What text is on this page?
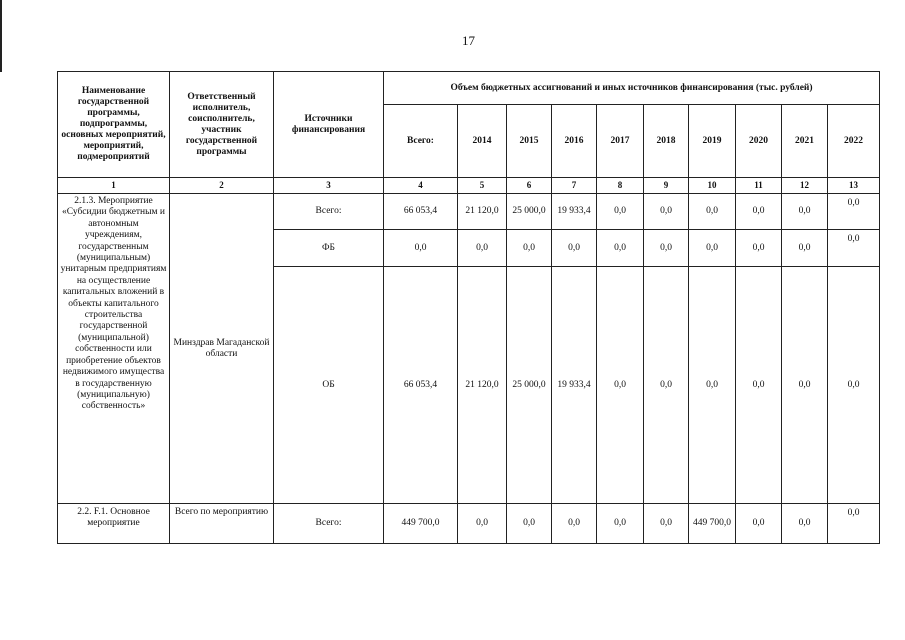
17
Наименование государственной программы, подпрограммы, основных мероприятий, мероприятий, подмероприятий	Ответственный исполнитель, соисполнитель, участник государственной программы	Источники финансирования	Объем бюджетных ассигнований и иных источников финансирования (тыс. рублей)									
			Всего:	2014	2015	2016	2017	2018	2019	2020	2021	2022
1	2	3	4	5	6	7	8	9	10	11	12	13
2.1.3. Мероприятие «Субсидии бюджетным и автономным учреждениям, государственным (муниципальным) унитарным предприятиям на осуществление капитальных вложений в объекты капитального строительства государственной (муниципальной) собственности или приобретение объектов недвижимого имущества в государственную (муниципальную) собственность»	Минздрав Магаданской области	Всего:	66 053,4	21 120,0	25 000,0	19 933,4	0,0	0,0	0,0	0,0	0,0	0,0
		ФБ	0,0	0,0	0,0	0,0	0,0	0,0	0,0	0,0	0,0	0,0
		ОБ	66 053,4	21 120,0	25 000,0	19 933,4	0,0	0,0	0,0	0,0	0,0	0,0
2.2. F.1. Основное мероприятие	Всего по мероприятию	Всего:	449 700,0	0,0	0,0	0,0	0,0	0,0	449 700,0	0,0	0,0	0,0
